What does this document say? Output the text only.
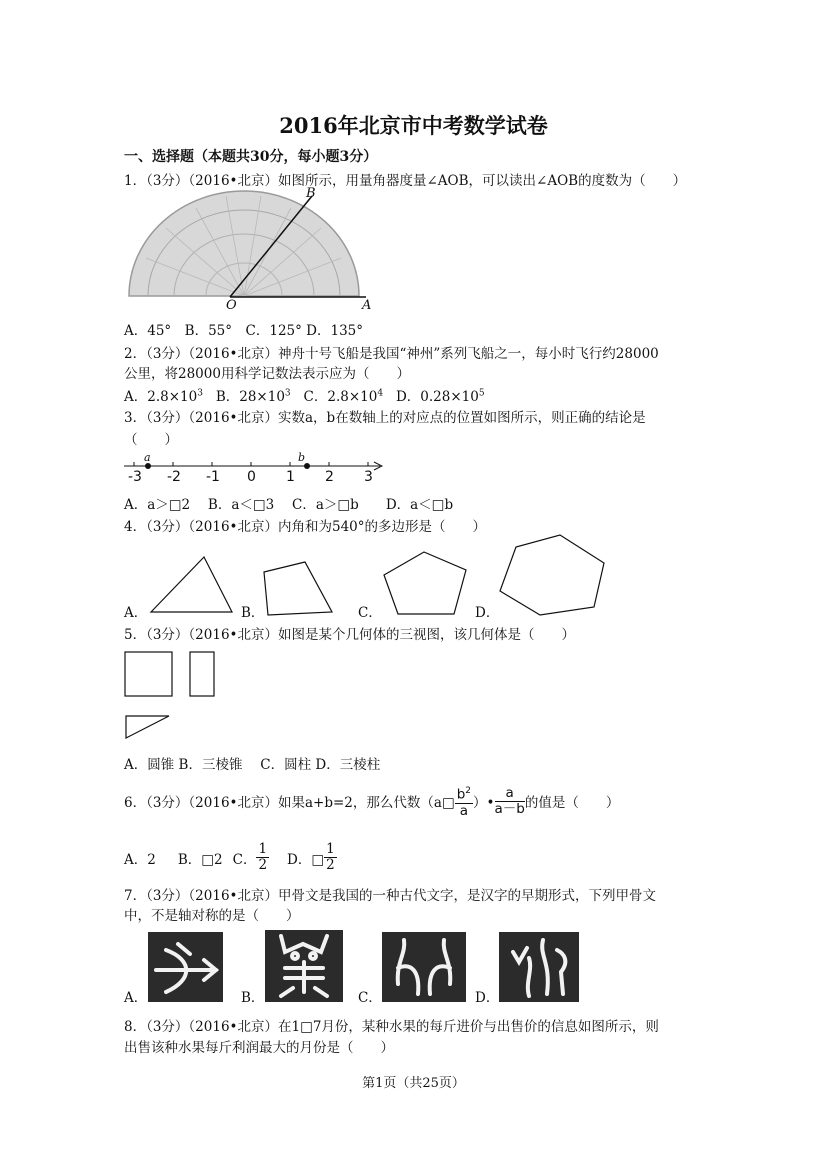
2016年北京市中考数学试卷
一、选择题（本题共30分，每小题3分）
1．（3分）（2016•北京）如图所示，用量角器度量∠AOB，可以读出∠AOB的度数为（　　）
B
O	A
A．45°　B．55°　C．125° D．135°
2．（3分）（2016•北京）神舟十号飞船是我国“神州”系列飞船之一，每小时飞行约28000
公里，将28000用科学记数法表示应为（　　）
A．$2.8\times 10^3$ B．$28\times 10^3$ C．$2.8\times 10^4$ D．$0.28\times 10^5$
3．（3分）（2016•北京）实数a，b在数轴上的对应点的位置如图所示，则正确的结论是
（　　）
a	b
-3 -2 -1 0 1 2 3
A．a＞□2　 B．a＜□3　 C．a＞□b　　D．a＜□b
4．（3分）（2016•北京）内角和为540°的多边形是（　　）
A．	B．	C．	D．
5．（3分）（2016•北京）如图是某个几何体的三视图，该几何体是（　　）
A．圆锥 B．三棱锥　 C．圆柱 D．三棱柱
6．（3分）（2016•北京）如果a+b=2，那么代数（a□ $\frac{b^2}{a}$ ）• $\frac{a}{a-b}$ 的值是（　　）
A．2 B．□2 C． $\frac{1}{2}$ D．□ $\frac{1}{2}$
7．（3分）（2016•北京）甲骨文是我国的一种古代文字，是汉字的早期形式，下列甲骨文
中，不是轴对称的是（　　）
A．	B．	C．	D．
8．（3分）（2016•北京）在1□7月份，某种水果的每斤进价与出售价的信息如图所示，则
出售该种水果每斤利润最大的月份是（　　）
第1页（共25页）
